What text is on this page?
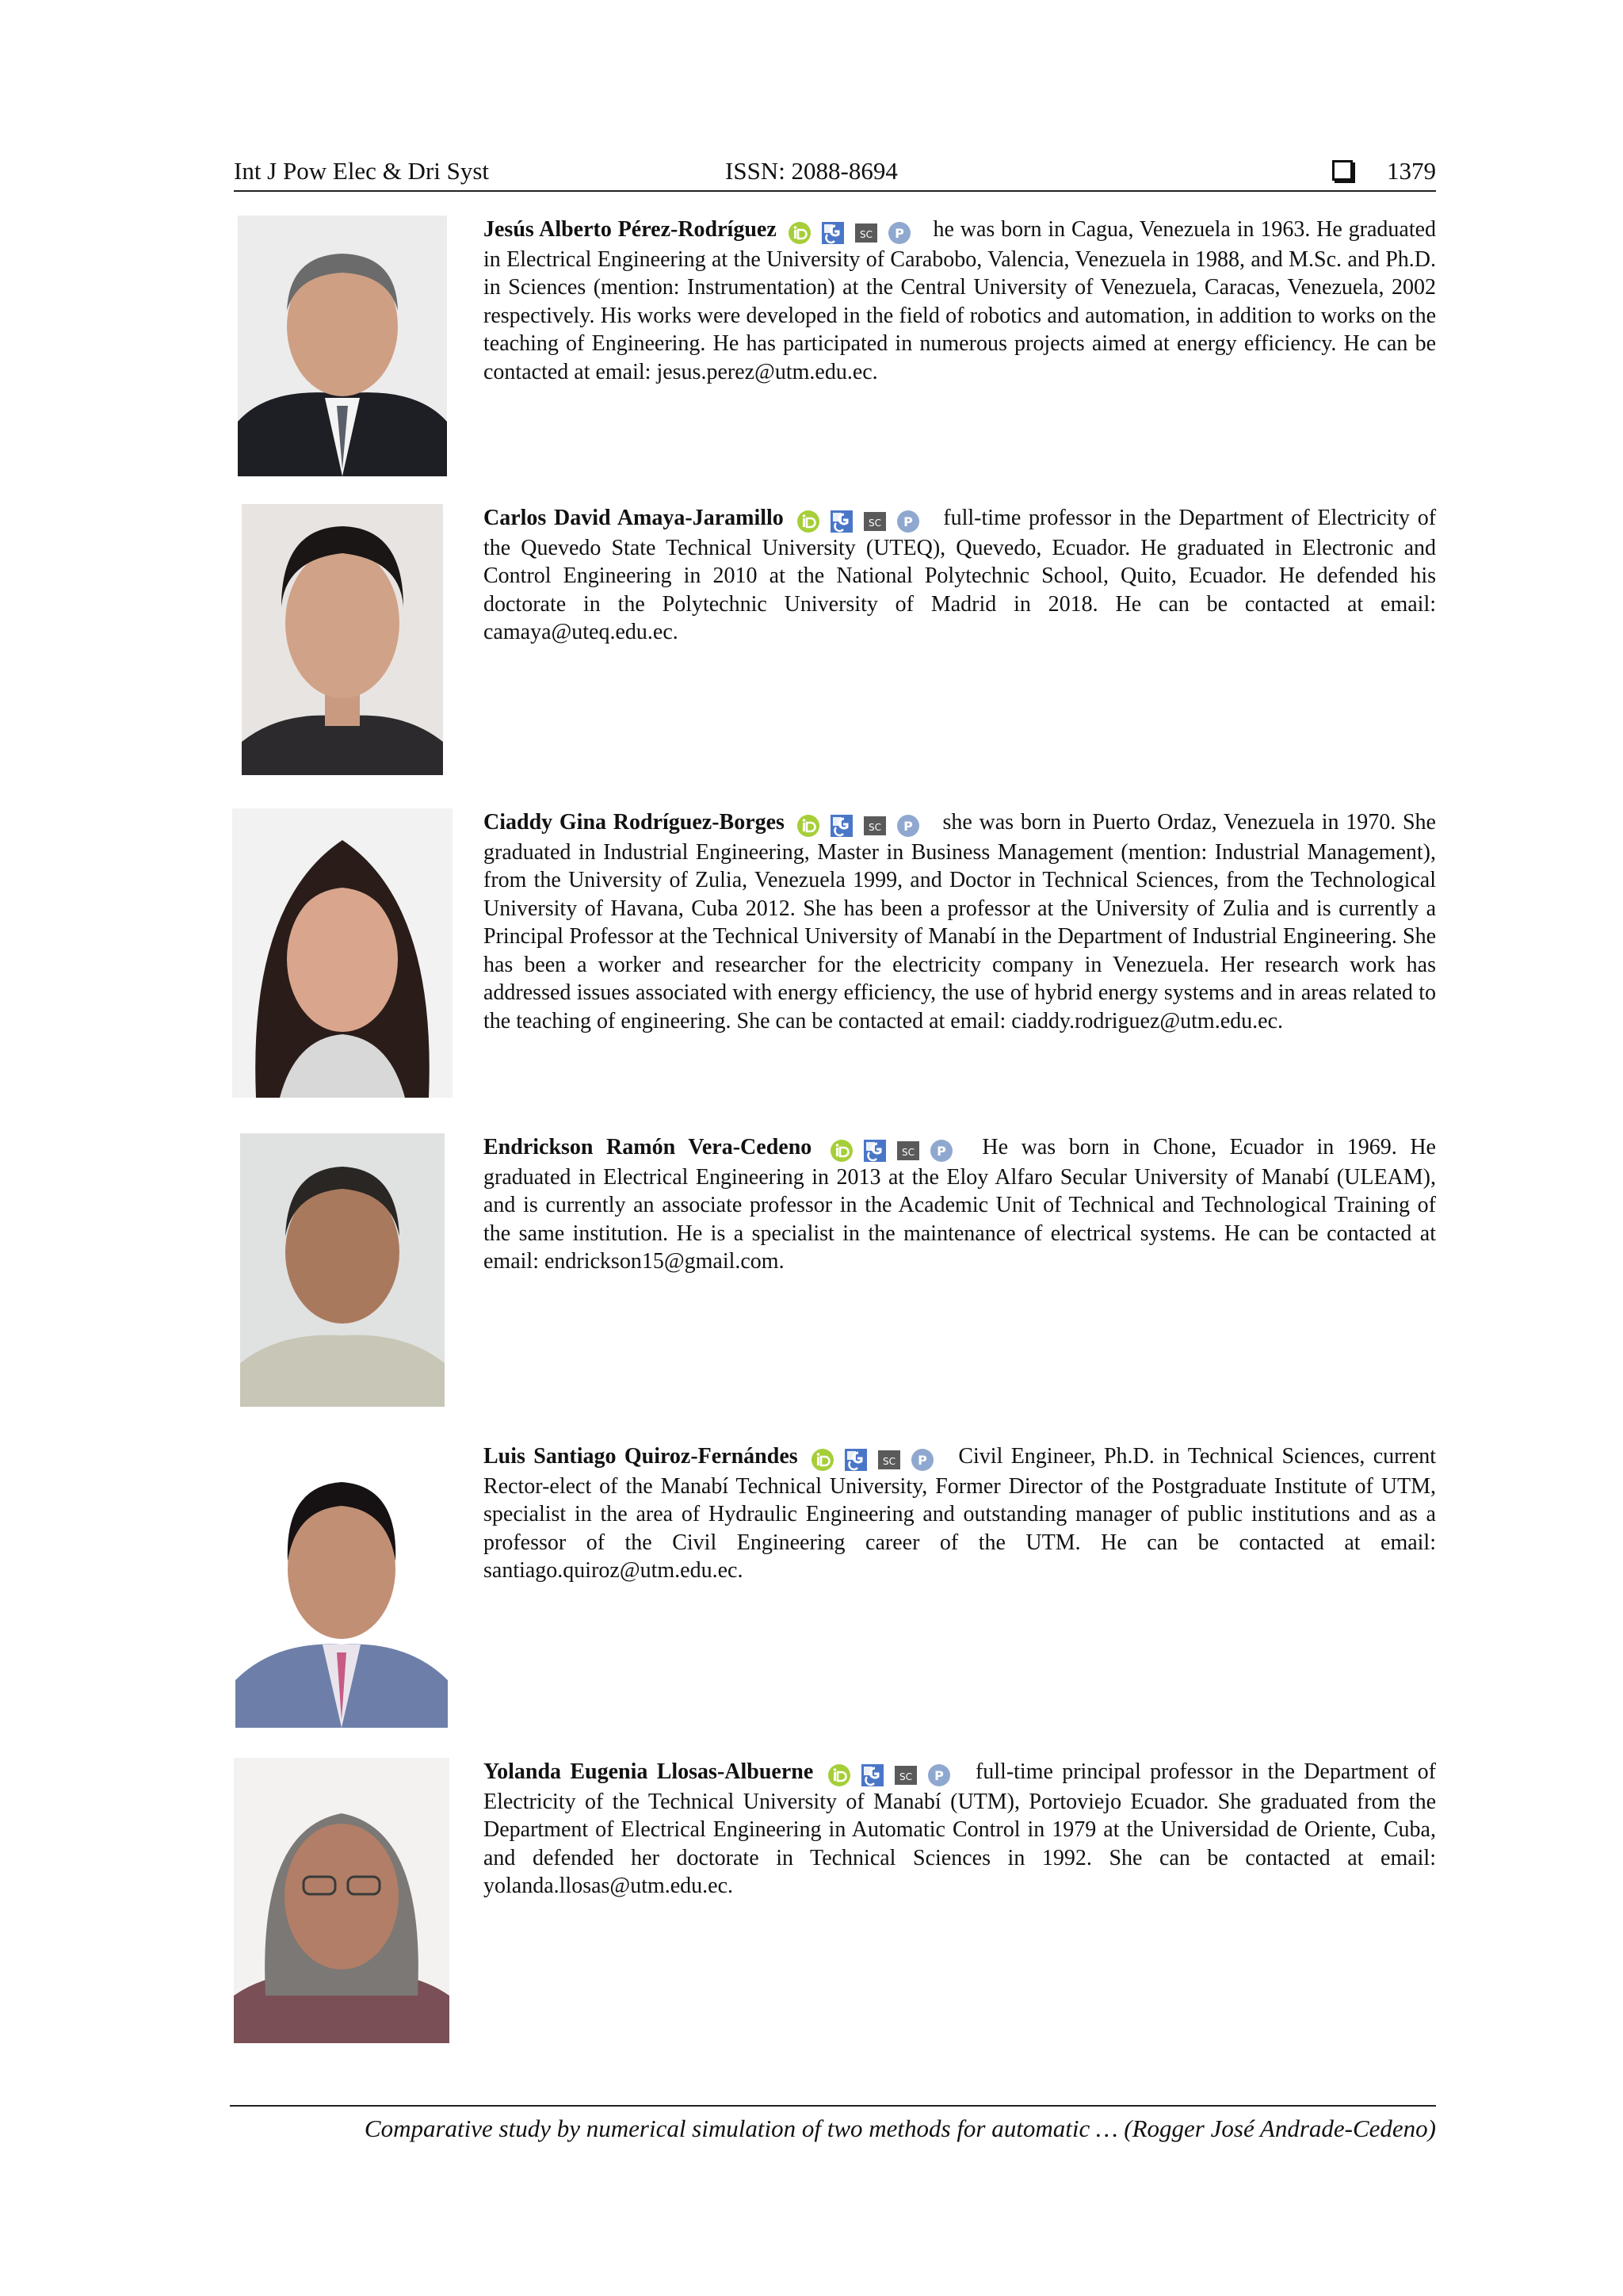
Int J Pow Elec & Dri Syst	ISSN: 2088-8694	1379
Jesús Alberto Pérez-Rodríguez	SC P he was born in Cagua, Venezuela in 1963. He graduated in Electrical Engineering at the University of Carabobo, Valencia, Venezuela in 1988, and M.Sc. and Ph.D. in Sciences (mention: Instrumentation) at the Central University of Venezuela, Caracas, Venezuela, 2002 respectively. His works were developed in the field of robotics and automation, in addition to works on the teaching of Engineering. He has participated in numerous projects aimed at energy efficiency. He can be contacted at email: jesus.perez@utm.edu.ec.
Carlos David Amaya-Jaramillo	SC P full-time professor in the Department of Electricity of the Quevedo State Technical University (UTEQ), Quevedo, Ecuador. He graduated in Electronic and Control Engineering in 2010 at the National Polytechnic School, Quito, Ecuador. He defended his doctorate in the Polytechnic University of Madrid in 2018. He can be contacted at email: camaya@uteq.edu.ec.
Ciaddy Gina Rodríguez-Borges	SC P she was born in Puerto Ordaz, Venezuela in 1970. She graduated in Industrial Engineering, Master in Business Management (mention: Industrial Management), from the University of Zulia, Venezuela 1999, and Doctor in Technical Sciences, from the Technological University of Havana, Cuba 2012. She has been a professor at the University of Zulia and is currently a Principal Professor at the Technical University of Manabí in the Department of Industrial Engineering. She has been a worker and researcher for the electricity company in Venezuela. Her research work has addressed issues associated with energy efficiency, the use of hybrid energy systems and in areas related to the teaching of engineering. She can be contacted at email: ciaddy.rodriguez@utm.edu.ec.
Endrickson Ramón Vera-Cedeno	SC P He was born in Chone, Ecuador in 1969. He graduated in Electrical Engineering in 2013 at the Eloy Alfaro Secular University of Manabí (ULEAM), and is currently an associate professor in the Academic Unit of Technical and Technological Training of the same institution. He is a specialist in the maintenance of electrical systems. He can be contacted at email: endrickson15@gmail.com.
Luis Santiago Quiroz-Fernándes	SC P Civil Engineer, Ph.D. in Technical Sciences, current Rector-elect of the Manabí Technical University, Former Director of the Postgraduate Institute of UTM, specialist in the area of Hydraulic Engineering and outstanding manager of public institutions and as a professor of the Civil Engineering career of the UTM. He can be contacted at email: santiago.quiroz@utm.edu.ec.
Yolanda Eugenia Llosas-Albuerne	SC P full-time principal professor in the Department of Electricity of the Technical University of Manabí (UTM), Portoviejo Ecuador. She graduated from the Department of Electrical Engineering in Automatic Control in 1979 at the Universidad de Oriente, Cuba, and defended her doctorate in Technical Sciences in 1992. She can be contacted at email: yolanda.llosas@utm.edu.ec.
Comparative study by numerical simulation of two methods for automatic … (Rogger José Andrade-Cedeno)
